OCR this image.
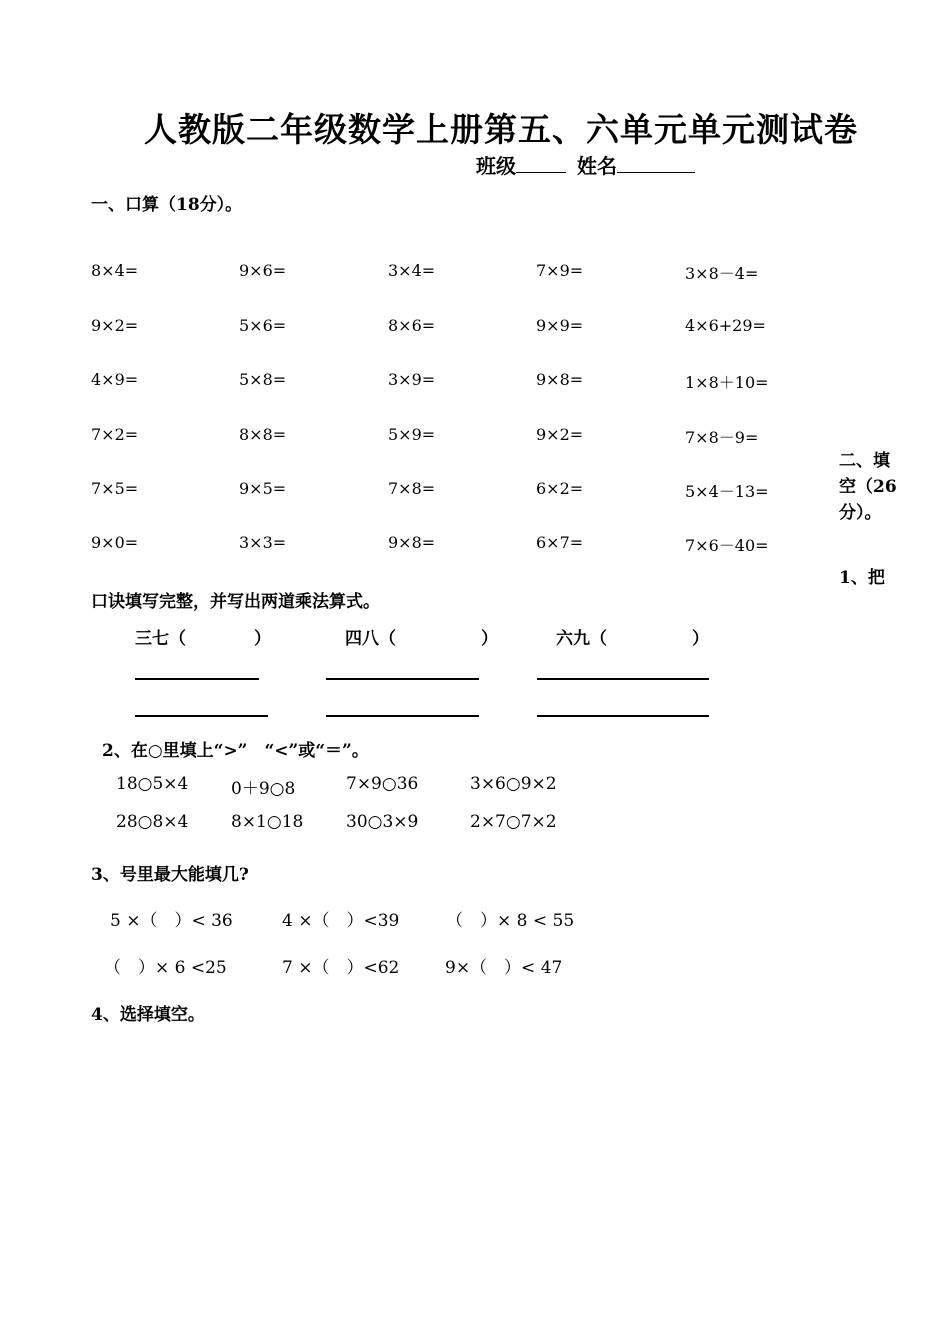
人教版二年级数学上册第五、六单元单元测试卷
班级	姓名
一、口算（18分）。
8×4=	9×6=	3×4=	7×9=	3×8－4=
9×2=	5×6=	8×6=	9×9=	4×6+29=
4×9=	5×8=	3×9=	9×8=	1×8＋10=
7×2=	8×8=	5×9=	9×2=	7×8－9=
7×5=	9×5=	7×8=	6×2=	5×4－13=
9×0=	3×3=	9×8=	6×7=	7×6－40=
二、填空（26分）。
1、把
口诀填写完整，并写出两道乘法算式。
三七（　　　　）	四八（　　　　　）	六九（　　　　　）
2、在○里填上“>”　“<”或“＝”。
18○5×4	0＋9○8	7×9○36	3×6○9×2
28○8×4	8×1○18	30○3×9	2×7○7×2
3、号里最大能填几?
5 ×（　）< 36	4 ×（　）<39	（　）× 8 < 55
（　）× 6 <25	7 ×（　）<62	9×（　）< 47
4、选择填空。
